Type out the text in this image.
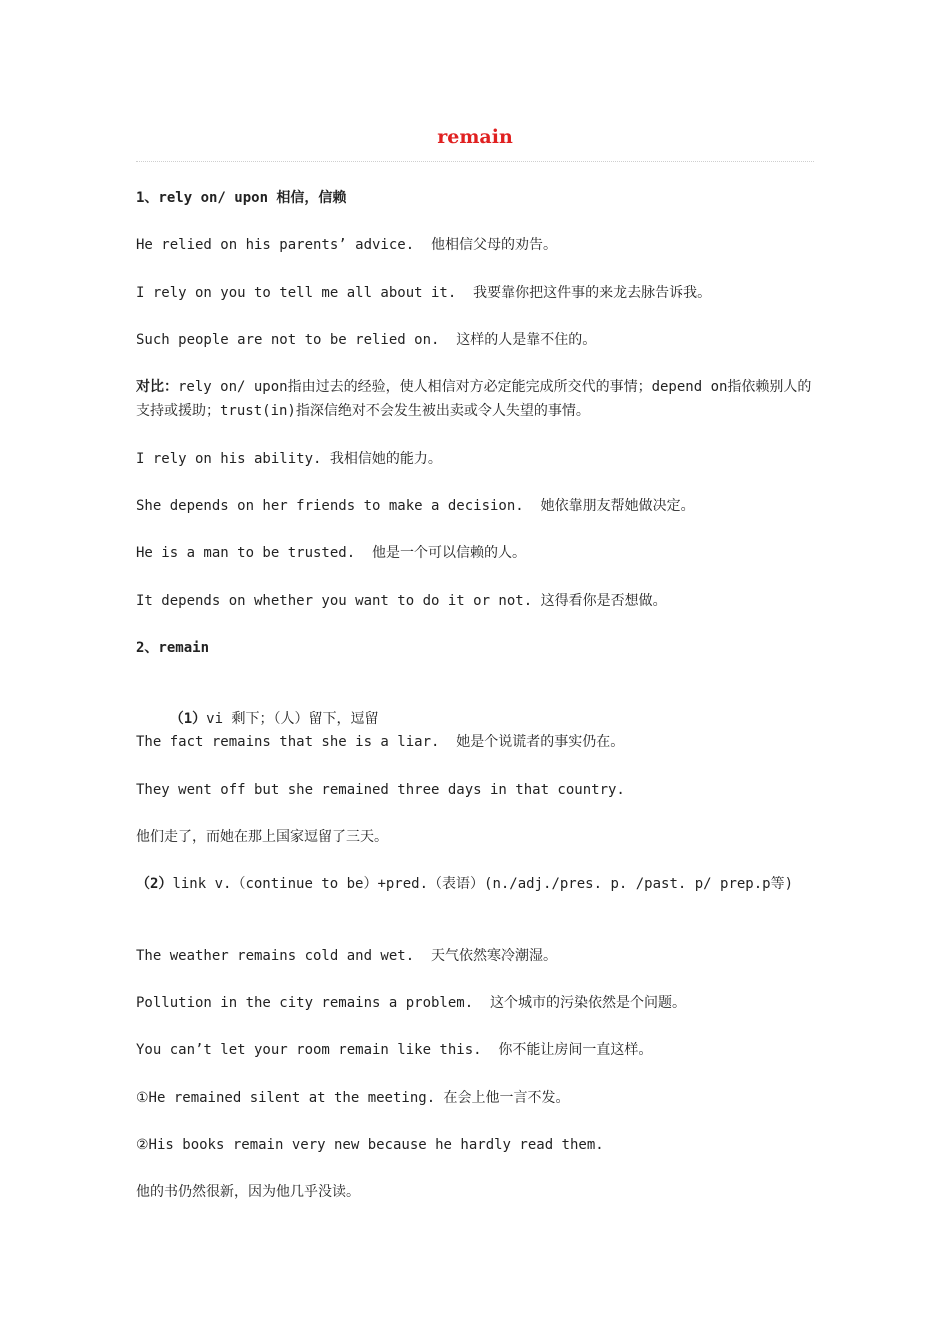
remain
1、rely on/ upon 相信，信赖
He relied on his parents’ advice.  他相信父母的劝告。
I rely on you to tell me all about it.  我要靠你把这件事的来龙去脉告诉我。
Such people are not to be relied on.  这样的人是靠不住的。
对比：rely on/ upon指由过去的经验，使人相信对方必定能完成所交代的事情；depend on指依赖别人的支持或援助；trust(in)指深信绝对不会发生被出卖或令人失望的事情。
I rely on his ability. 我相信她的能力。
She depends on her friends to make a decision.  她依靠朋友帮她做决定。
He is a man to be trusted.  他是一个可以信赖的人。
It depends on whether you want to do it or not. 这得看你是否想做。
2、remain

（1）vi 剩下；（人）留下，逗留

The fact remains that she is a liar.  她是个说谎者的事实仍在。
They went off but she remained three days in that country.
他们走了，而她在那上国家逗留了三天。
（2）link v.（continue to be）+pred.（表语）(n./adj./pres. p. /past. p/ prep.p等)
The weather remains cold and wet.  天气依然寒冷潮湿。
Pollution in the city remains a problem.  这个城市的污染依然是个问题。
You can’t let your room remain like this.  你不能让房间一直这样。
①He remained silent at the meeting. 在会上他一言不发。
②His books remain very new because he hardly read them.
他的书仍然很新，因为他几乎没读。
